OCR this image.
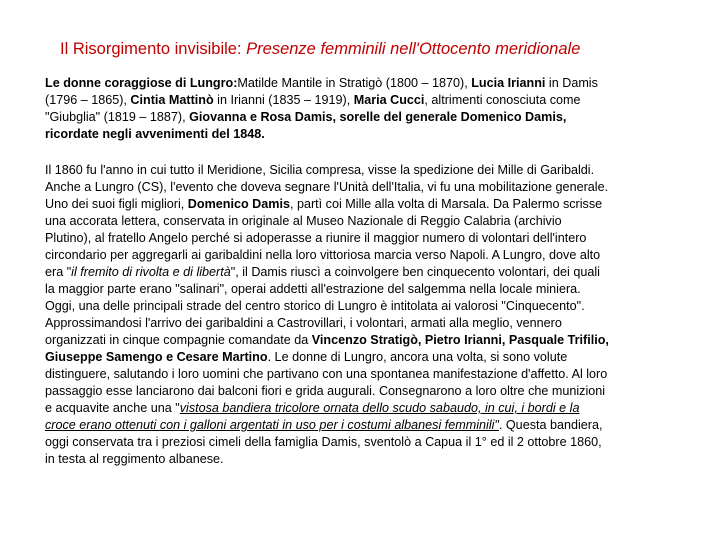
Il Risorgimento invisibile: Presenze femminili nell'Ottocento meridionale
Le donne coraggiose di Lungro:Matilde Mantile in Stratigò (1800 – 1870), Lucia Irianni in Damis (1796 – 1865), Cintia Mattinò in Irianni (1835 – 1919), Maria Cucci, altrimenti conosciuta come "Giubglia" (1819 – 1887), Giovanna e Rosa Damis, sorelle del generale Domenico Damis, ricordate negli avvenimenti del 1848.
Il 1860 fu l'anno in cui tutto il Meridione, Sicilia compresa, visse la spedizione dei Mille di Garibaldi. Anche a Lungro (CS), l'evento che doveva segnare l'Unità dell'Italia, vi fu una mobilitazione generale. Uno dei suoi figli migliori, Domenico Damis, partì coi Mille alla volta di Marsala. Da Palermo scrisse una accorata lettera, conservata in originale al Museo Nazionale di Reggio Calabria (archivio Plutino), al fratello Angelo perché si adoperasse a riunire il maggior numero di volontari dell'intero circondario per aggregarli ai garibaldini nella loro vittoriosa marcia verso Napoli. A Lungro, dove alto era "il fremito di rivolta e di libertà", il Damis riuscì a coinvolgere ben cinquecento volontari, dei quali la maggior parte erano "salinari", operai addetti all'estrazione del salgemma nella locale miniera. Oggi, una delle principali strade del centro storico di Lungro è intitolata ai valorosi "Cinquecento". Approssimandosi l'arrivo dei garibaldini a Castrovillari, i volontari, armati alla meglio, vennero organizzati in cinque compagnie comandate da Vincenzo Stratigò, Pietro Irianni, Pasquale Trifilio, Giuseppe Samengo e Cesare Martino. Le donne di Lungro, ancora una volta, si sono volute distinguere, salutando i loro uomini che partivano con una spontanea manifestazione d'affetto. Al loro passaggio esse lanciarono dai balconi fiori e grida augurali. Consegnarono a loro oltre che munizioni e acquavite anche una "vistosa bandiera tricolore ornata dello scudo sabaudo, in cui, i bordi e la croce erano ottenuti con i galloni argentati in uso per i costumi albanesi femminili". Questa bandiera, oggi conservata tra i preziosi cimeli della famiglia Damis, sventolò a Capua il 1° ed il 2 ottobre 1860, in testa al reggimento albanese.
